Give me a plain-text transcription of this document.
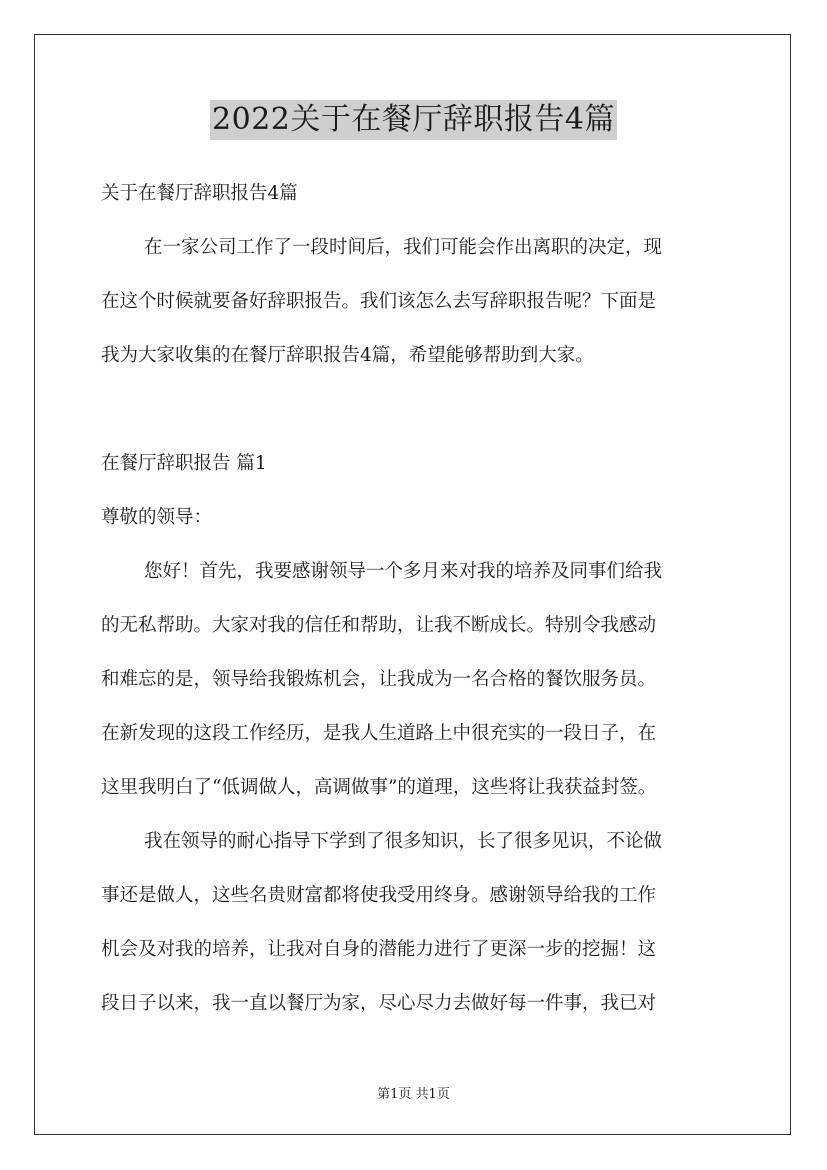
2022关于在餐厅辞职报告4篇
关于在餐厅辞职报告4篇
在一家公司工作了一段时间后，我们可能会作出离职的决定，现
在这个时候就要备好辞职报告。我们该怎么去写辞职报告呢？下面是
我为大家收集的在餐厅辞职报告4篇，希望能够帮助到大家。
在餐厅辞职报告 篇1
尊敬的领导：
您好！首先，我要感谢领导一个多月来对我的培养及同事们给我
的无私帮助。大家对我的信任和帮助，让我不断成长。特别令我感动
和难忘的是，领导给我锻炼机会，让我成为一名合格的餐饮服务员。
在新发现的这段工作经历，是我人生道路上中很充实的一段日子，在
这里我明白了“低调做人，高调做事”的道理，这些将让我获益封签。
我在领导的耐心指导下学到了很多知识，长了很多见识，不论做
事还是做人，这些名贵财富都将使我受用终身。感谢领导给我的工作
机会及对我的培养，让我对自身的潜能力进行了更深一步的挖掘！这
段日子以来，我一直以餐厅为家，尽心尽力去做好每一件事，我已对
第1页 共1页
